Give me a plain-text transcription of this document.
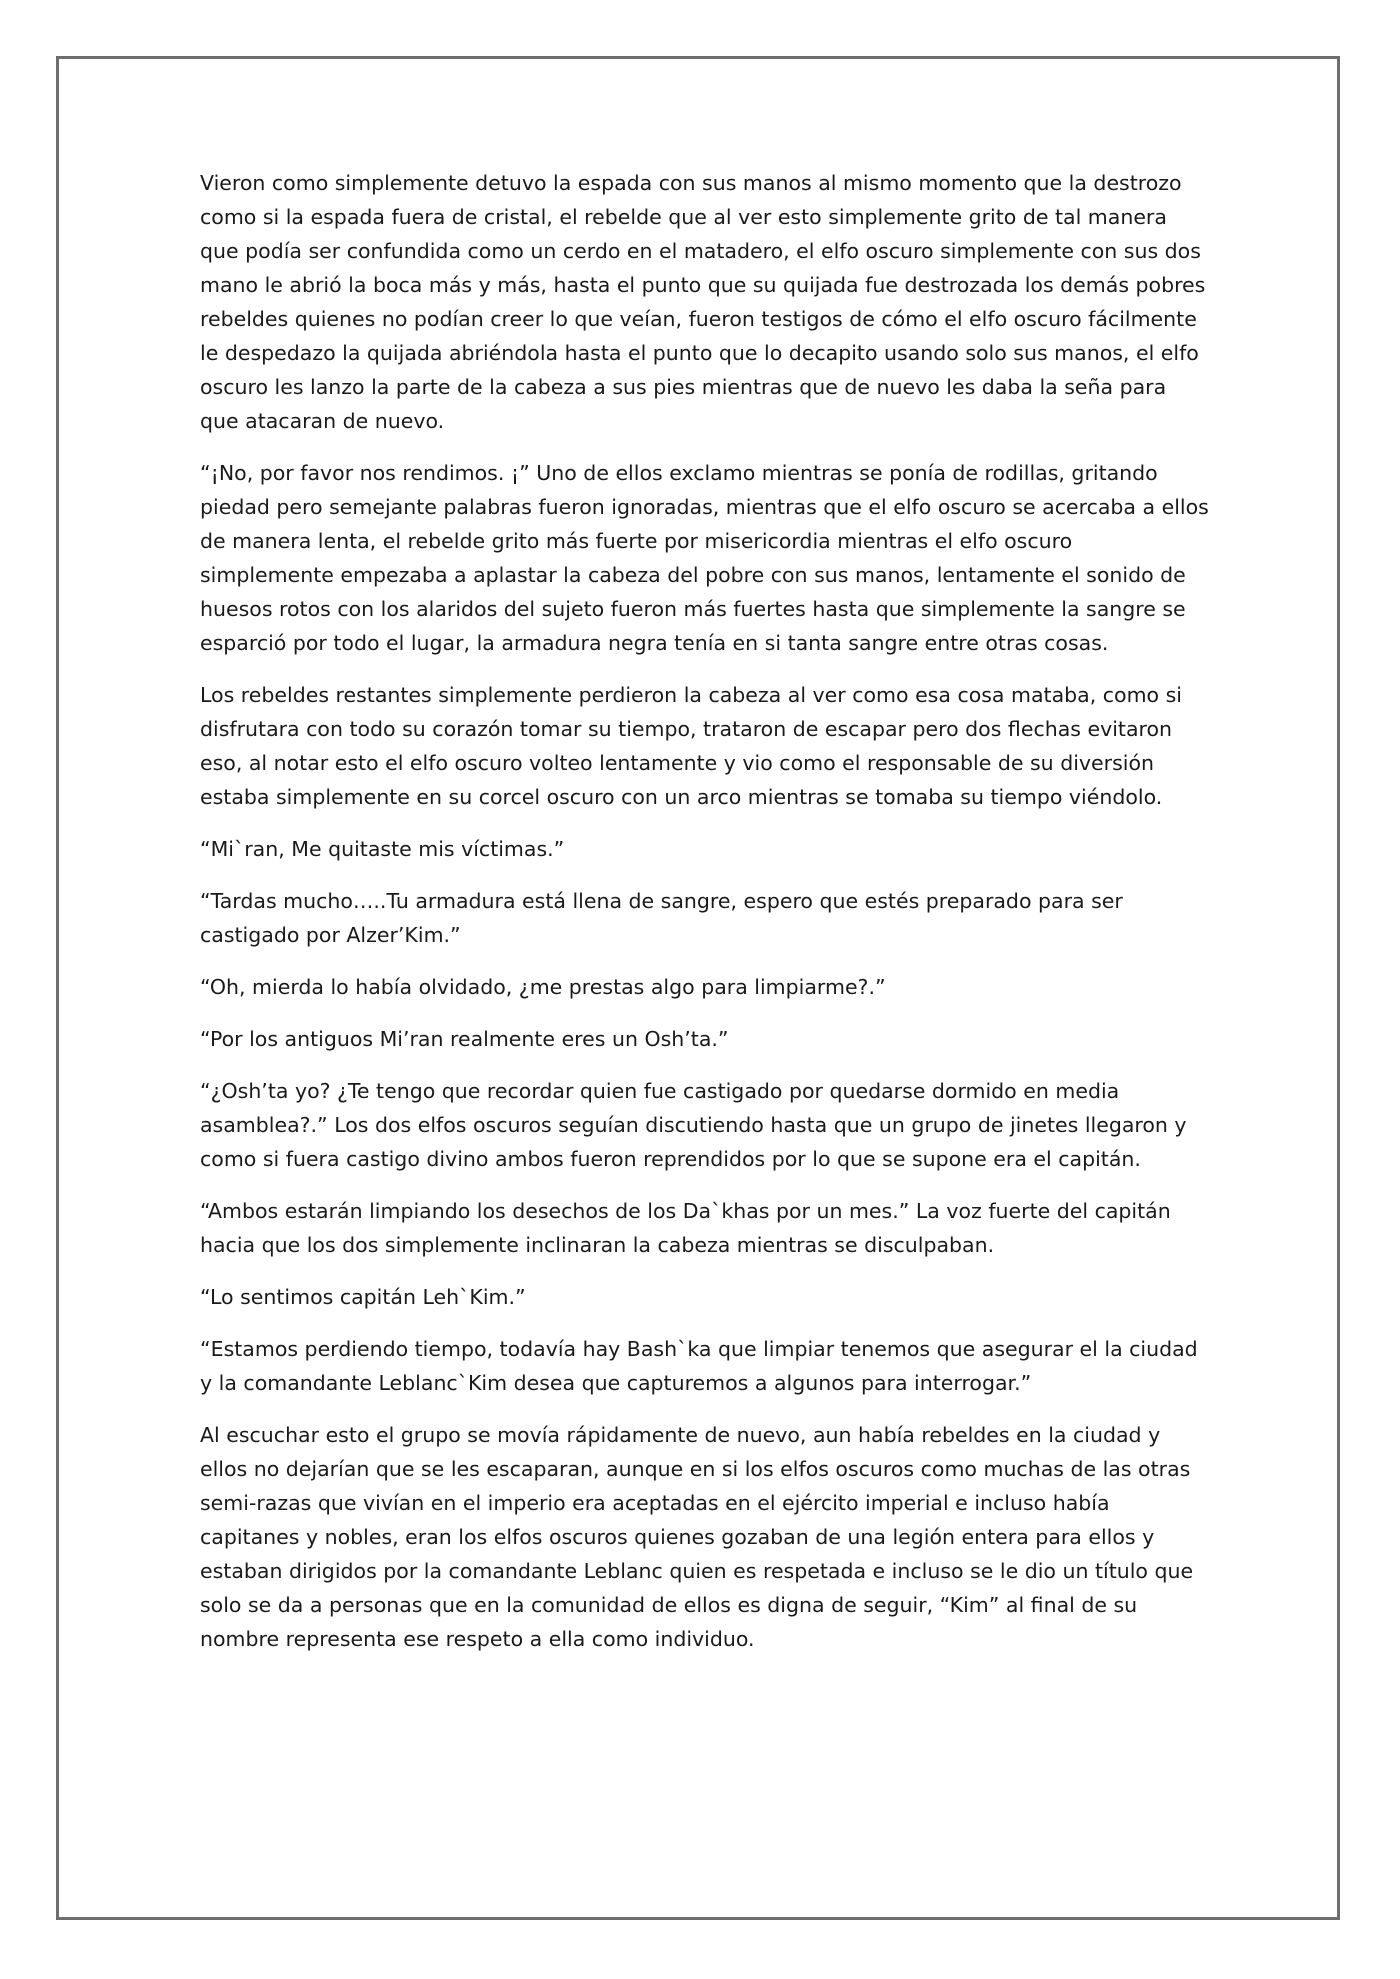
Vieron como simplemente detuvo la espada con sus manos al mismo momento que la destrozo como si la espada fuera de cristal, el rebelde que al ver esto simplemente grito de tal manera que podía ser confundida como un cerdo en el matadero, el elfo oscuro simplemente con sus dos mano le abrió la boca más y más, hasta el punto que su quijada fue destrozada los demás pobres rebeldes quienes no podían creer lo que veían, fueron testigos de cómo el elfo oscuro fácilmente le despedazo la quijada abriéndola hasta el punto que lo decapito usando solo sus manos, el elfo oscuro les lanzo la parte de la cabeza a sus pies mientras que de nuevo les daba la seña para que atacaran de nuevo.

“¡No, por favor nos rendimos. ¡” Uno de ellos exclamo mientras se ponía de rodillas, gritando piedad pero semejante palabras fueron ignoradas, mientras que el elfo oscuro se acercaba a ellos de manera lenta, el rebelde grito más fuerte por misericordia mientras el elfo oscuro simplemente empezaba a aplastar la cabeza del pobre con sus manos, lentamente el sonido de huesos rotos con los alaridos del sujeto fueron más fuertes hasta que simplemente la sangre se esparció por todo el lugar, la armadura negra tenía en si tanta sangre entre otras cosas.

Los rebeldes restantes simplemente perdieron la cabeza al ver como esa cosa mataba, como si disfrutara con todo su corazón tomar su tiempo, trataron de escapar pero dos flechas evitaron eso, al notar esto el elfo oscuro volteo lentamente y vio como el responsable de su diversión estaba simplemente en su corcel oscuro con un arco mientras se tomaba su tiempo viéndolo.

“Mi`ran, Me quitaste mis víctimas.”

“Tardas mucho…..Tu armadura está llena de sangre, espero que estés preparado para ser castigado por Alzer’Kim.”

“Oh, mierda lo había olvidado, ¿me prestas algo para limpiarme?.”

“Por los antiguos Mi’ran realmente eres un Osh’ta.”

“¿Osh’ta yo? ¿Te tengo que recordar quien fue castigado por quedarse dormido en media asamblea?.” Los dos elfos oscuros seguían discutiendo hasta que un grupo de jinetes llegaron y como si fuera castigo divino ambos fueron reprendidos por lo que se supone era el capitán.

“Ambos estarán limpiando los desechos de los Da`khas por un mes.” La voz fuerte del capitán hacia que los dos simplemente inclinaran la cabeza mientras se disculpaban.

“Lo sentimos capitán Leh`Kim.”

“Estamos perdiendo tiempo, todavía hay Bash`ka que limpiar tenemos que asegurar el la ciudad y la comandante Leblanc`Kim desea que capturemos a algunos para interrogar.”

Al escuchar esto el grupo se movía rápidamente de nuevo, aun había rebeldes en la ciudad y ellos no dejarían que se les escaparan, aunque en si los elfos oscuros como muchas de las otras semi-razas que vivían en el imperio era aceptadas en el ejército imperial e incluso había capitanes y nobles, eran los elfos oscuros quienes gozaban de una legión entera para ellos y estaban dirigidos por la comandante Leblanc quien es respetada e incluso se le dio un título que solo se da a personas que en la comunidad de ellos es digna de seguir, “Kim” al final de su nombre representa ese respeto a ella como individuo.
